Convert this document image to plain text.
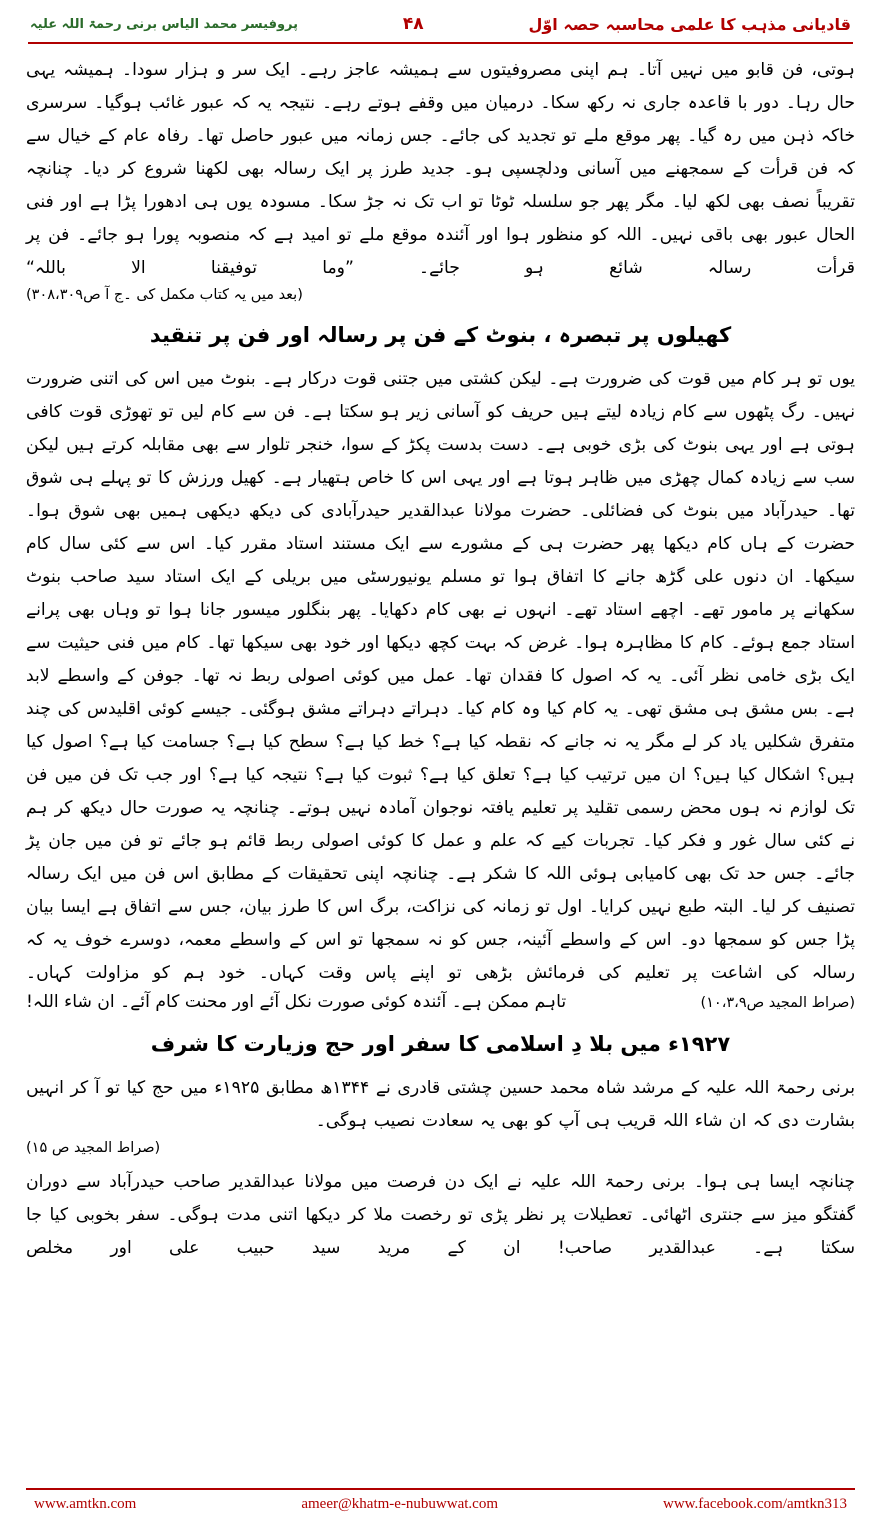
قادیانی مذہب کا علمی محاسبہ حصہ اوّل
۴۸
پروفیسر محمد الیاس برنی رحمۃ اللہ علیہ

ہوتی، فن قابو میں نہیں آتا۔ ہم اپنی مصروفیتوں سے ہمیشہ عاجز رہے۔ ایک سر و ہزار سودا۔ ہمیشہ یہی حال رہا۔ دور با قاعدہ جاری نہ رکھ سکا۔ درمیان میں وقفے ہوتے رہے۔ نتیجہ یہ کہ عبور غائب ہوگیا۔ سرسری خاکہ ذہن میں رہ گیا۔ پھر موقع ملے تو تجدید کی جائے۔ جس زمانہ میں عبور حاصل تھا۔ رفاہ عام کے خیال سے کہ فن قرأت کے سمجھنے میں آسانی ودلچسپی ہو۔ جدید طرز پر ایک رسالہ بھی لکھنا شروع کر دیا۔ چنانچہ تقریباً نصف بھی لکھ لیا۔ مگر پھر جو سلسلہ ٹوٹا تو اب تک نہ جڑ سکا۔ مسودہ یوں ہی ادھورا پڑا ہے اور فنی الحال عبور بھی باقی نہیں۔ اللہ کو منظور ہوا اور آئندہ موقع ملے تو امید ہے کہ منصوبہ پورا ہو جائے۔ فن پر قرأت رسالہ شائع ہو جائے۔ ”وما توفیقنا الا باللہ“

(بعد میں یہ کتاب مکمل کی ۔ج آ ص۳۰۸،۳۰۹)
کھیلوں پر تبصرہ ، بنوٹ کے فن پر رسالہ اور فن پر تنقید

یوں تو ہر کام میں قوت کی ضرورت ہے۔ لیکن کشتی میں جتنی قوت درکار ہے۔ بنوٹ میں اس کی اتنی ضرورت نہیں۔ رگ پٹھوں سے کام زیادہ لیتے ہیں حریف کو آسانی زیر ہو سکتا ہے۔ فن سے کام لیں تو تھوڑی قوت کافی ہوتی ہے اور یہی بنوٹ کی بڑی خوبی ہے۔ دست بدست پکڑ کے سوا، خنجر تلوار سے بھی مقابلہ کرتے ہیں لیکن سب سے زیادہ کمال چھڑی میں ظاہر ہوتا ہے اور یہی اس کا خاص ہتھیار ہے۔ کھیل ورزش کا تو پہلے ہی شوق تھا۔ حیدرآباد میں بنوٹ کی فضائلی۔ حضرت مولانا عبدالقدیر حیدرآبادی کی دیکھ دیکھی ہمیں بھی شوق ہوا۔ حضرت کے ہاں کام دیکھا پھر حضرت ہی کے مشورے سے ایک مستند استاد مقرر کیا۔ اس سے کئی سال کام سیکھا۔ ان دنوں علی گڑھ جانے کا اتفاق ہوا تو مسلم یونیورسٹی میں بریلی کے ایک استاد سید صاحب بنوٹ سکھانے پر مامور تھے۔ اچھے استاد تھے۔ انہوں نے بھی کام دکھایا۔ پھر بنگلور میسور جانا ہوا تو وہاں بھی پرانے استاد جمع ہوئے۔ کام کا مظاہرہ ہوا۔ غرض کہ بہت کچھ دیکھا اور خود بھی سیکھا تھا۔ کام میں فنی حیثیت سے ایک بڑی خامی نظر آئی۔ یہ کہ اصول کا فقدان تھا۔ عمل میں کوئی اصولی ربط نہ تھا۔ جوفن کے واسطے لابد ہے۔ بس مشق ہی مشق تھی۔ یہ کام کیا وہ کام کیا۔ دہراتے دہراتے مشق ہوگئی۔ جیسے کوئی اقلیدس کی چند متفرق شکلیں یاد کر لے مگر یہ نہ جانے کہ نقطہ کیا ہے؟ خط کیا ہے؟ سطح کیا ہے؟ جسامت کیا ہے؟ اصول کیا ہیں؟ اشکال کیا ہیں؟ ان میں ترتیب کیا ہے؟ تعلق کیا ہے؟ ثبوت کیا ہے؟ نتیجہ کیا ہے؟ اور جب تک فن میں فن تک لوازم نہ ہوں محض رسمی تقلید پر تعلیم یافتہ نوجوان آمادہ نہیں ہوتے۔ چنانچہ یہ صورت حال دیکھ کر ہم نے کئی سال غور و فکر کیا۔ تجربات کیے کہ علم و عمل کا کوئی اصولی ربط قائم ہو جائے تو فن میں جان پڑ جائے۔ جس حد تک بھی کامیابی ہوئی اللہ کا شکر ہے۔ چنانچہ اپنی تحقیقات کے مطابق اس فن میں ایک رسالہ تصنیف کر لیا۔ البتہ طبع نہیں کرایا۔ اول تو زمانہ کی نزاکت، برگ اس کا طرز بیان، جس سے اتفاق ہے ایسا بیان پڑا جس کو سمجھا دو۔ اس کے واسطے آئینہ، جس کو نہ سمجھا تو اس کے واسطے معمہ، دوسرے خوف یہ کہ رسالہ کی اشاعت پر تعلیم کی فرمائش بڑھی تو اپنے پاس وقت کہاں۔ خود ہم کو مزاولت کہاں۔

تاہم ممکن ہے۔ آئندہ کوئی صورت نکل آئے اور محنت کام آئے۔ ان شاء اللہ!	(صراط المجید ص۱۰،۳،۹)
۱۹۲۷ء میں بلا دِ اسلامی کا سفر اور حج وزیارت کا شرف

برنی رحمۃ اللہ علیہ کے مرشد شاہ محمد حسین چشتی قادری نے ۱۳۴۴ھ مطابق ۱۹۲۵ء میں حج کیا تو آ کر انہیں بشارت دی کہ ان شاء اللہ قریب ہی آپ کو بھی یہ سعادت نصیب ہوگی۔

(صراط المجید ص ۱۵)

چنانچہ ایسا ہی ہوا۔ برنی رحمۃ اللہ علیہ نے ایک دن فرصت میں مولانا عبدالقدیر صاحب حیدرآباد سے دوران گفتگو میز سے جنتری اٹھائی۔ تعطیلات پر نظر پڑی تو رخصت ملا کر دیکھا اتنی مدت ہوگی۔ سفر بخوبی کیا جا سکتا ہے۔ عبدالقدیر صاحب! ان کے مرید سید حبیب علی اور مخلص

www.amtkn.com	ameer@khatm-e-nubuwwat.com	www.facebook.com/amtkn313
